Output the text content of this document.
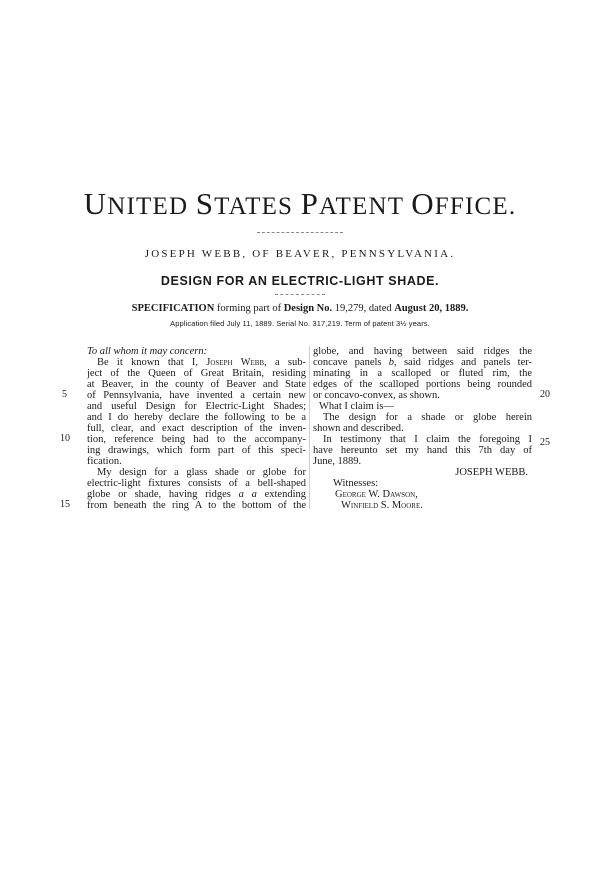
UNITED STATES PATENT OFFICE.
JOSEPH WEBB, OF BEAVER, PENNSYLVANIA.
DESIGN FOR AN ELECTRIC-LIGHT SHADE.
SPECIFICATION forming part of Design No. 19,279, dated August 20, 1889.
Application filed July 11, 1889. Serial No. 317,219. Term of patent 3½ years.
To all whom it may concern:
Be it known that I, Joseph Webb, a sub-
ject of the Queen of Great Britain, residing
at Beaver, in the county of Beaver and State
of Pennsylvania, have invented a certain new
and useful Design for Electric-Light Shades;
and I do hereby declare the following to be a
full, clear, and exact description of the inven-
tion, reference being had to the accompany-
ing drawings, which form part of this speci-
fication.
My design for a glass shade or globe for
electric-light fixtures consists of a bell-shaped
globe or shade, having ridges a a extending
from beneath the ring A to the bottom of the
globe, and having between said ridges the
concave panels b, said ridges and panels ter-
minating in a scalloped or fluted rim, the
edges of the scalloped portions being rounded
or concavo-convex, as shown.
What I claim is—
The design for a shade or globe herein
shown and described.
In testimony that I claim the foregoing I
have hereunto set my hand this 7th day of
June, 1889.
JOSEPH WEBB.
Witnesses:
George W. Dawson,
Winfield S. Moore.
5
10
15
20
25
